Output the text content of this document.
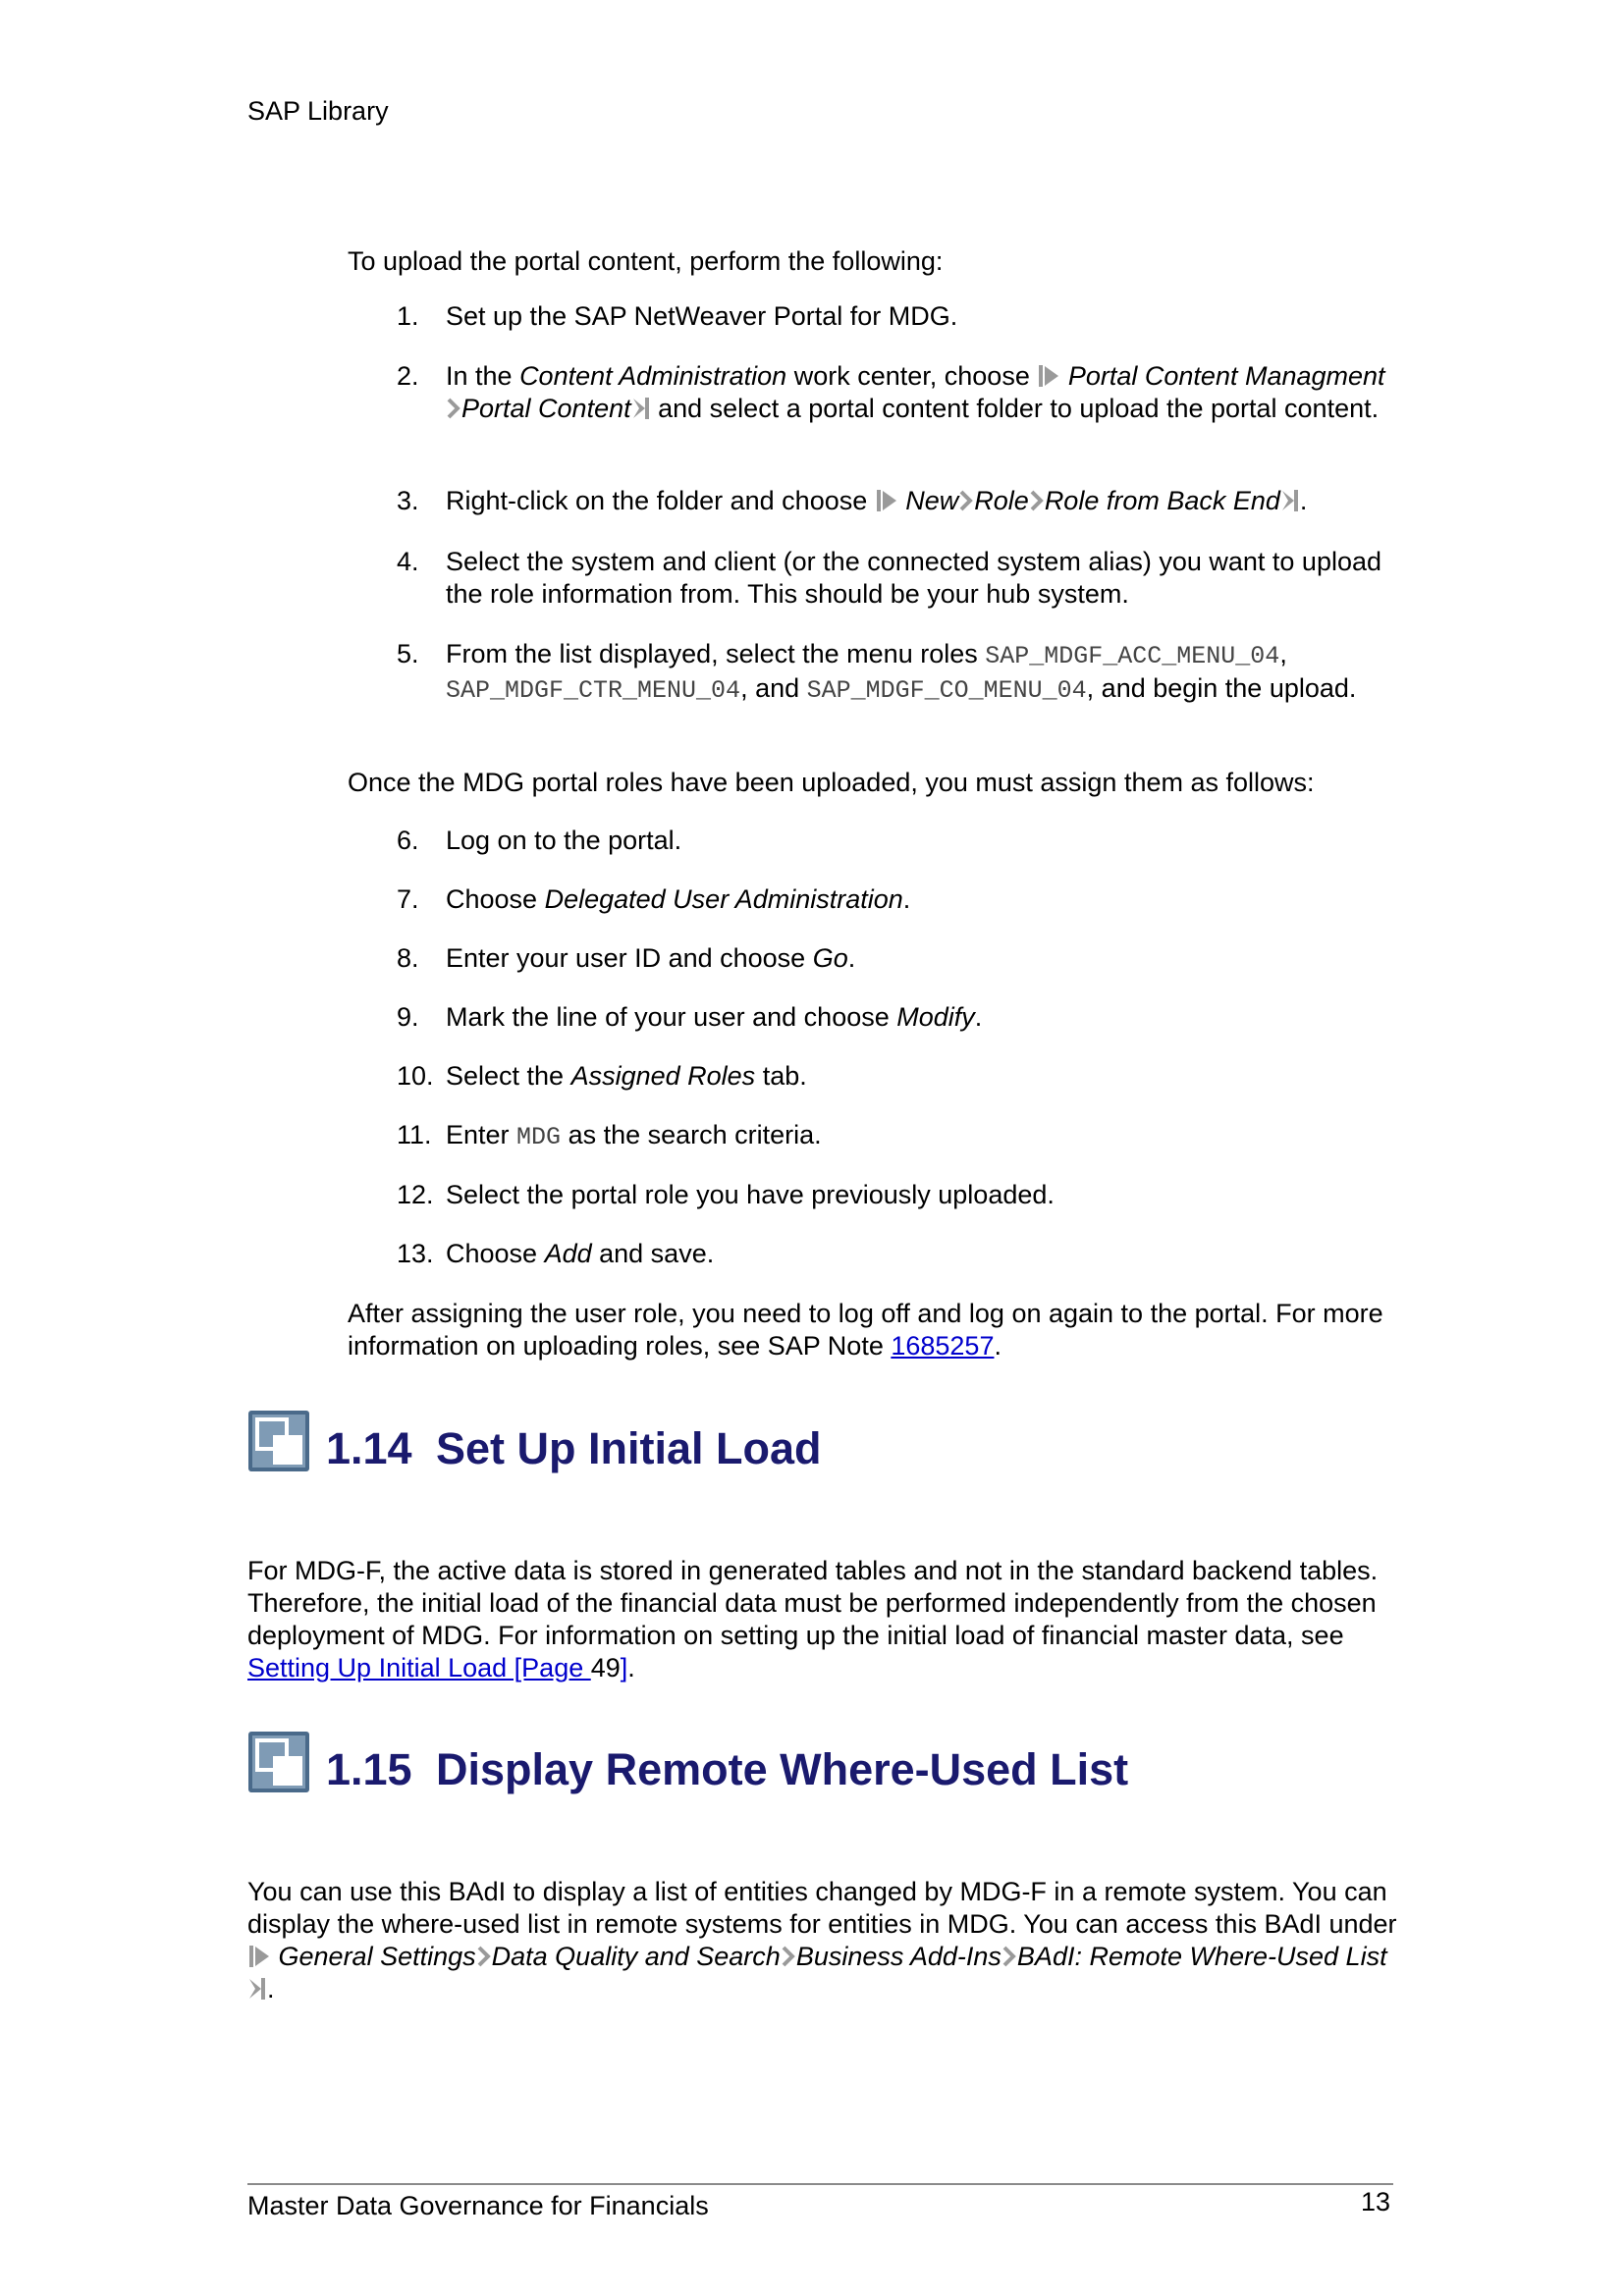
SAP Library
To upload the portal content, perform the following:
1. Set up the SAP NetWeaver Portal for MDG.
2. In the Content Administration work center, choose  Portal Content ManagmentPortal Content and select a portal content folder to upload the portal content.
3. Right-click on the folder and choose  New Role Role from Back End .
4. Select the system and client (or the connected system alias) you want to upload the role information from. This should be your hub system.
5. From the list displayed, select the menu roles SAP_MDGF_ACC_MENU_04, SAP_MDGF_CTR_MENU_04, and SAP_MDGF_CO_MENU_04, and begin the upload.
Once the MDG portal roles have been uploaded, you must assign them as follows:
6. Log on to the portal.
7. Choose Delegated User Administration.
8. Enter your user ID and choose Go.
9. Mark the line of your user and choose Modify.
10. Select the Assigned Roles tab.
11. Enter MDG as the search criteria.
12. Select the portal role you have previously uploaded.
13. Choose Add and save.
After assigning the user role, you need to log off and log on again to the portal. For more information on uploading roles, see SAP Note 1685257.
1.14 Set Up Initial Load
For MDG-F, the active data is stored in generated tables and not in the standard backend tables. Therefore, the initial load of the financial data must be performed independently from the chosen deployment of MDG. For information on setting up the initial load of financial master data, see Setting Up Initial Load [Page 49].
1.15 Display Remote Where-Used List
You can use this BAdI to display a list of entities changed by MDG-F in a remote system. You can display the where-used list in remote systems for entities in MDG. You can access this BAdI under  General Settings Data Quality and Search Business Add-Ins BAdI: Remote Where-Used List.
Master Data Governance for Financials	13
